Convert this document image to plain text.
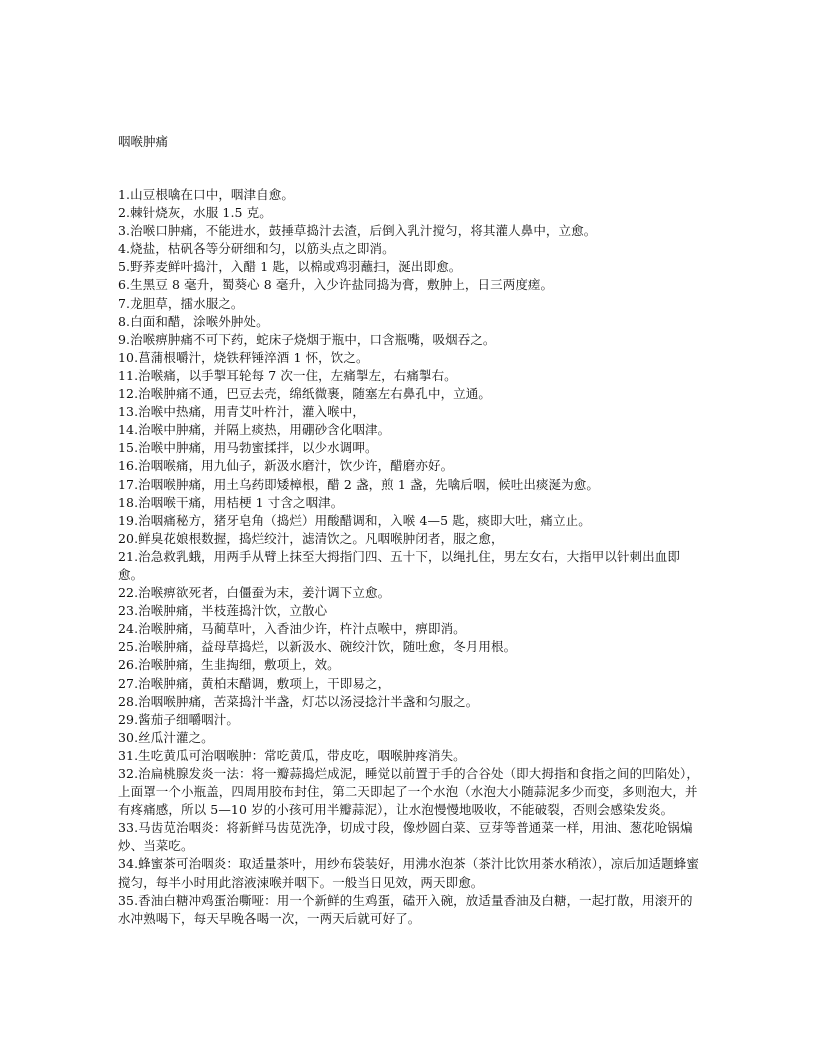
咽喉肿痛

1.山豆根噙在口中，咽津自愈。

2.棘针烧灰，水服 1.5 克。

3.治喉口肿痛，不能进水，鼓捶草捣汁去渣，后倒入乳汁搅匀，将其灌人鼻中，立愈。

4.烧盐，枯矾各等分研细和匀，以筋头点之即消。

5.野荞麦鲜叶捣汁，入醋 1 匙，以棉或鸡羽蘸扫，涎出即愈。

6.生黑豆 8 毫升，蜀葵心 8 毫升，入少许盐同捣为膏，敷肿上，日三两度瘥。

7.龙胆草，擂水服之。

8.白面和醋，涂喉外肿处。

9.治喉痹肿痛不可下药，蛇床子烧烟于瓶中，口含瓶嘴，吸烟吞之。

10.菖蒲根嚼汁，烧铁秤锤淬酒 1 怀，饮之。

11.治喉痛，以手掣耳轮每 7 次一住，左痛掣左，右痛掣右。

12.治喉肿痛不通，巴豆去壳，绵纸微裹，随塞左右鼻孔中，立通。

13.治喉中热痛，用青艾叶杵汁，灌入喉中，

14.治喉中肿痛，并隔上痰热，用硼砂含化咽津。

15.治喉中肿痛，用马勃蜜揉拌，以少水调呷。

16.治咽喉痛，用九仙子，新汲水磨汁，饮少许，醋磨亦好。

17.治咽喉肿痛，用土乌药即矮樟根，醋 2 盏，煎 1 盏，先噙后咽，候吐出痰涎为愈。

18.治咽喉干痛，用桔梗 1 寸含之咽津。

19.治咽痛秘方，猪牙皂角（捣烂）用酸醋调和，入喉 4—5 匙，痰即大吐，痛立止。

20.鲜臭花娘根数握，捣烂绞汁，滤清饮之。凡咽喉肿闭者，服之愈，

21.治急救乳蛾，用两手从臂上抹至大拇指门四、五十下，以绳扎住，男左女右，大指甲以针刺出血即愈。

22.治喉痹欲死者，白僵蚕为末，姜汁调下立愈。

23.治喉肿痛，半枝莲捣汁饮，立散心

24.治喉肿痛，马蔺草叶，入香油少许，杵汁点喉中，痹即消。

25.治喉肿痛，益母草捣烂，以新汲水、碗绞汁饮，随吐愈，冬月用根。

26.治喉肿痛，生韭掏细，敷项上，效。

27.治喉肿痛，黄柏末醋调，敷项上，干即易之，

28.治咽喉肿痛，苦菜捣汁半盏，灯芯以汤浸捻汁半盏和匀服之。

29.酱茄子细嚼咽汁。

30.丝瓜汁灌之。

31.生吃黄瓜可治咽喉肿：常吃黄瓜，带皮吃，咽喉肿疼消失。

32.治扁桃腺发炎一法：将一瓣蒜捣烂成泥，睡觉以前置于手的合谷处（即大拇指和食指之间的凹陷处），上面罩一个小瓶盖，四周用胶布封住，第二天即起了一个水泡（水泡大小随蒜泥多少而变，多则泡大，并有疼痛感，所以 5—10 岁的小孩可用半瓣蒜泥），让水泡慢慢地吸收，不能破裂，否则会感染发炎。

33.马齿苋治咽炎：将新鲜马齿苋洗净，切成寸段，像炒圆白菜、豆芽等普通菜一样，用油、葱花呛锅煸炒、当菜吃。

34.蜂蜜茶可治咽炎：取适量茶叶，用纱布袋装好，用沸水泡茶（茶汁比饮用茶水稍浓），凉后加适题蜂蜜搅匀，每半小时用此溶液涑喉并咽下。一般当日见效，两天即愈。

35.香油白糖冲鸡蛋治嘶哑：用一个新鲜的生鸡蛋，磕开入碗，放适量香油及白糖，一起打散，用滚开的水冲熟喝下，每天早晚各喝一次，一两天后就可好了。
